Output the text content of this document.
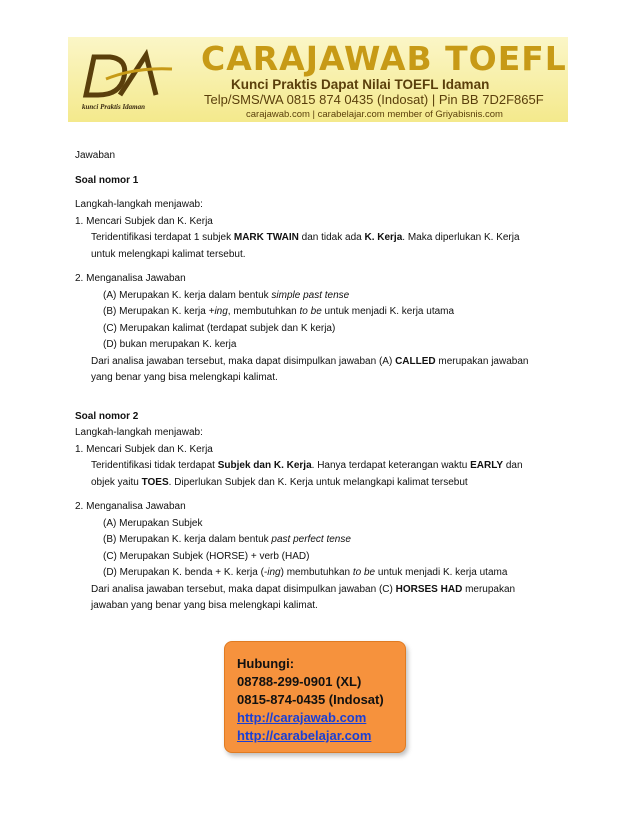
kunci Praktis Idaman
CARAJAWAB TOEFL
Kunci Praktis Dapat Nilai TOEFL Idaman
Telp/SMS/WA 0815 874 0435 (Indosat) | Pin BB 7D2F865F
carajawab.com | carabelajar.com member of Griyabisnis.com

Jawaban

Soal nomor 1

Langkah-langkah menjawab:

1. Mencari Subjek dan K. Kerja

Teridentifikasi terdapat 1 subjek MARK TWAIN dan tidak ada K. Kerja. Maka diperlukan K. Kerja

untuk melengkapi kalimat tersebut.

2. Menganalisa Jawaban

(A) Merupakan K. kerja dalam bentuk simple past tense

(B) Merupakan K. kerja +ing, membutuhkan to be untuk menjadi K. kerja utama

(C) Merupakan kalimat (terdapat subjek dan K kerja)

(D) bukan merupakan K. kerja

Dari analisa jawaban tersebut, maka dapat disimpulkan jawaban (A) CALLED merupakan jawaban

yang benar yang bisa melengkapi kalimat.

Soal nomor 2

Langkah-langkah menjawab:

1. Mencari Subjek dan K. Kerja

Teridentifikasi tidak terdapat Subjek dan K. Kerja. Hanya terdapat keterangan waktu EARLY dan

objek yaitu TOES. Diperlukan Subjek dan K. Kerja untuk melangkapi kalimat tersebut

2. Menganalisa Jawaban

(A) Merupakan Subjek

(B) Merupakan K. kerja dalam bentuk past perfect tense

(C) Merupakan Subjek (HORSE) + verb (HAD)

(D) Merupakan K. benda + K. kerja (-ing) membutuhkan to be untuk menjadi K. kerja utama

Dari analisa jawaban tersebut, maka dapat disimpulkan jawaban (C) HORSES HAD merupakan

jawaban yang benar yang bisa melengkapi kalimat.

Hubungi:
08788-299-0901 (XL)
0815-874-0435 (Indosat)
http://carajawab.com
http://carabelajar.com
